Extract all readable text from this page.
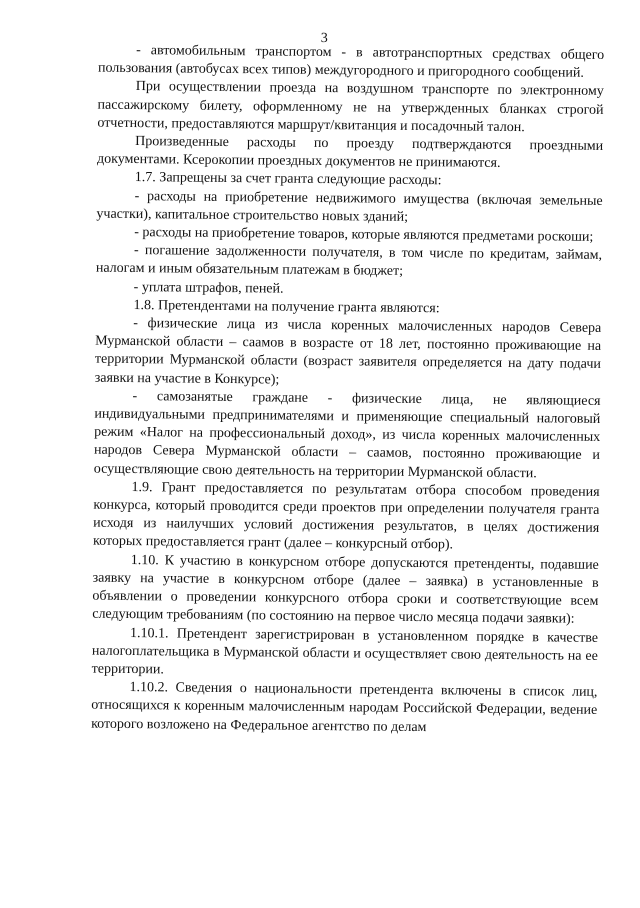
3

- автомобильным транспортом - в автотранспортных средствах общего пользования (автобусах всех типов) междугородного и пригородного сообщений.

При осуществлении проезда на воздушном транспорте по электронному пассажирскому билету, оформленному не на утвержденных бланках строгой отчетности, предоставляются маршрут/квитанция и посадочный талон.

Произведенные расходы по проезду подтверждаются проездными документами. Ксерокопии проездных документов не принимаются.

1.7. Запрещены за счет гранта следующие расходы:

- расходы на приобретение недвижимого имущества (включая земельные участки), капитальное строительство новых зданий;

- расходы на приобретение товаров, которые являются предметами роскоши;

- погашение задолженности получателя, в том числе по кредитам, займам, налогам и иным обязательным платежам в бюджет;

- уплата штрафов, пеней.

1.8. Претендентами на получение гранта являются:

- физические лица из числа коренных малочисленных народов Севера Мурманской области – саамов в возрасте от 18 лет, постоянно проживающие на территории Мурманской области (возраст заявителя определяется на дату подачи заявки на участие в Конкурсе);

- самозанятые граждане - физические лица, не являющиеся индивидуальными предпринимателями и применяющие специальный налоговый режим «Налог на профессиональный доход», из числа коренных малочисленных народов Севера Мурманской области – саамов, постоянно проживающие и осуществляющие свою деятельность на территории Мурманской области.

1.9. Грант предоставляется по результатам отбора способом проведения конкурса, который проводится среди проектов при определении получателя гранта исходя из наилучших условий достижения результатов, в целях достижения которых предоставляется грант (далее – конкурсный отбор).

1.10. К участию в конкурсном отборе допускаются претенденты, подавшие заявку на участие в конкурсном отборе (далее – заявка) в установленные в объявлении о проведении конкурсного отбора сроки и соответствующие всем следующим требованиям (по состоянию на первое число месяца подачи заявки):

1.10.1. Претендент зарегистрирован в установленном порядке в качестве налогоплательщика в Мурманской области и осуществляет свою деятельность на ее территории.

1.10.2. Сведения о национальности претендента включены в список лиц, относящихся к коренным малочисленным народам Российской Федерации, ведение которого возложено на Федеральное агентство по делам
